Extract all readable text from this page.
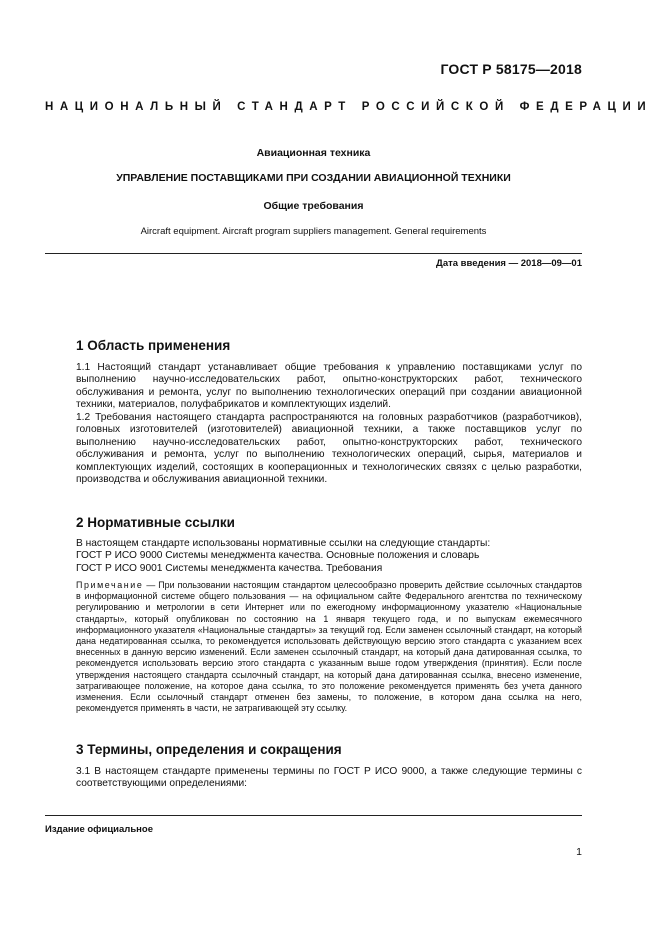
ГОСТ Р 58175—2018
НАЦИОНАЛЬНЫЙ СТАНДАРТ РОССИЙСКОЙ ФЕДЕРАЦИИ
Авиационная техника
УПРАВЛЕНИЕ ПОСТАВЩИКАМИ ПРИ СОЗДАНИИ АВИАЦИОННОЙ ТЕХНИКИ
Общие требования
Aircraft equipment. Aircraft program suppliers management. General requirements
Дата введения — 2018—09—01
1 Область применения
1.1 Настоящий стандарт устанавливает общие требования к управлению поставщиками услуг по выполнению научно-исследовательских работ, опытно-конструкторских работ, технического обслуживания и ремонта, услуг по выполнению технологических операций при создании авиационной техники, материалов, полуфабрикатов и комплектующих изделий.
1.2 Требования настоящего стандарта распространяются на головных разработчиков (разработчиков), головных изготовителей (изготовителей) авиационной техники, а также поставщиков услуг по выполнению научно-исследовательских работ, опытно-конструкторских работ, технического обслуживания и ремонта, услуг по выполнению технологических операций, сырья, материалов и комплектующих изделий, состоящих в кооперационных и технологических связях с целью разработки, производства и обслуживания авиационной техники.
2 Нормативные ссылки
В настоящем стандарте использованы нормативные ссылки на следующие стандарты:
ГОСТ Р ИСО 9000 Системы менеджмента качества. Основные положения и словарь
ГОСТ Р ИСО 9001 Системы менеджмента качества. Требования
Примечание — При пользовании настоящим стандартом целесообразно проверить действие ссылочных стандартов в информационной системе общего пользования — на официальном сайте Федерального агентства по техническому регулированию и метрологии в сети Интернет или по ежегодному информационному указателю «Национальные стандарты», который опубликован по состоянию на 1 января текущего года, и по выпускам ежемесячного информационного указателя «Национальные стандарты» за текущий год. Если заменен ссылочный стандарт, на который дана недатированная ссылка, то рекомендуется использовать действующую версию этого стандарта с указанием всех внесенных в данную версию изменений. Если заменен ссылочный стандарт, на который дана датированная ссылка, то рекомендуется использовать версию этого стандарта с указанным выше годом утверждения (принятия). Если после утверждения настоящего стандарта ссылочный стандарт, на который дана датированная ссылка, внесено изменение, затрагивающее положение, на которое дана ссылка, то это положение рекомендуется применять без учета данного изменения. Если ссылочный стандарт отменен без замены, то положение, в котором дана ссылка на него, рекомендуется применять в части, не затрагивающей эту ссылку.
3 Термины, определения и сокращения
3.1 В настоящем стандарте применены термины по ГОСТ Р ИСО 9000, а также следующие термины с соответствующими определениями:
Издание официальное
1
